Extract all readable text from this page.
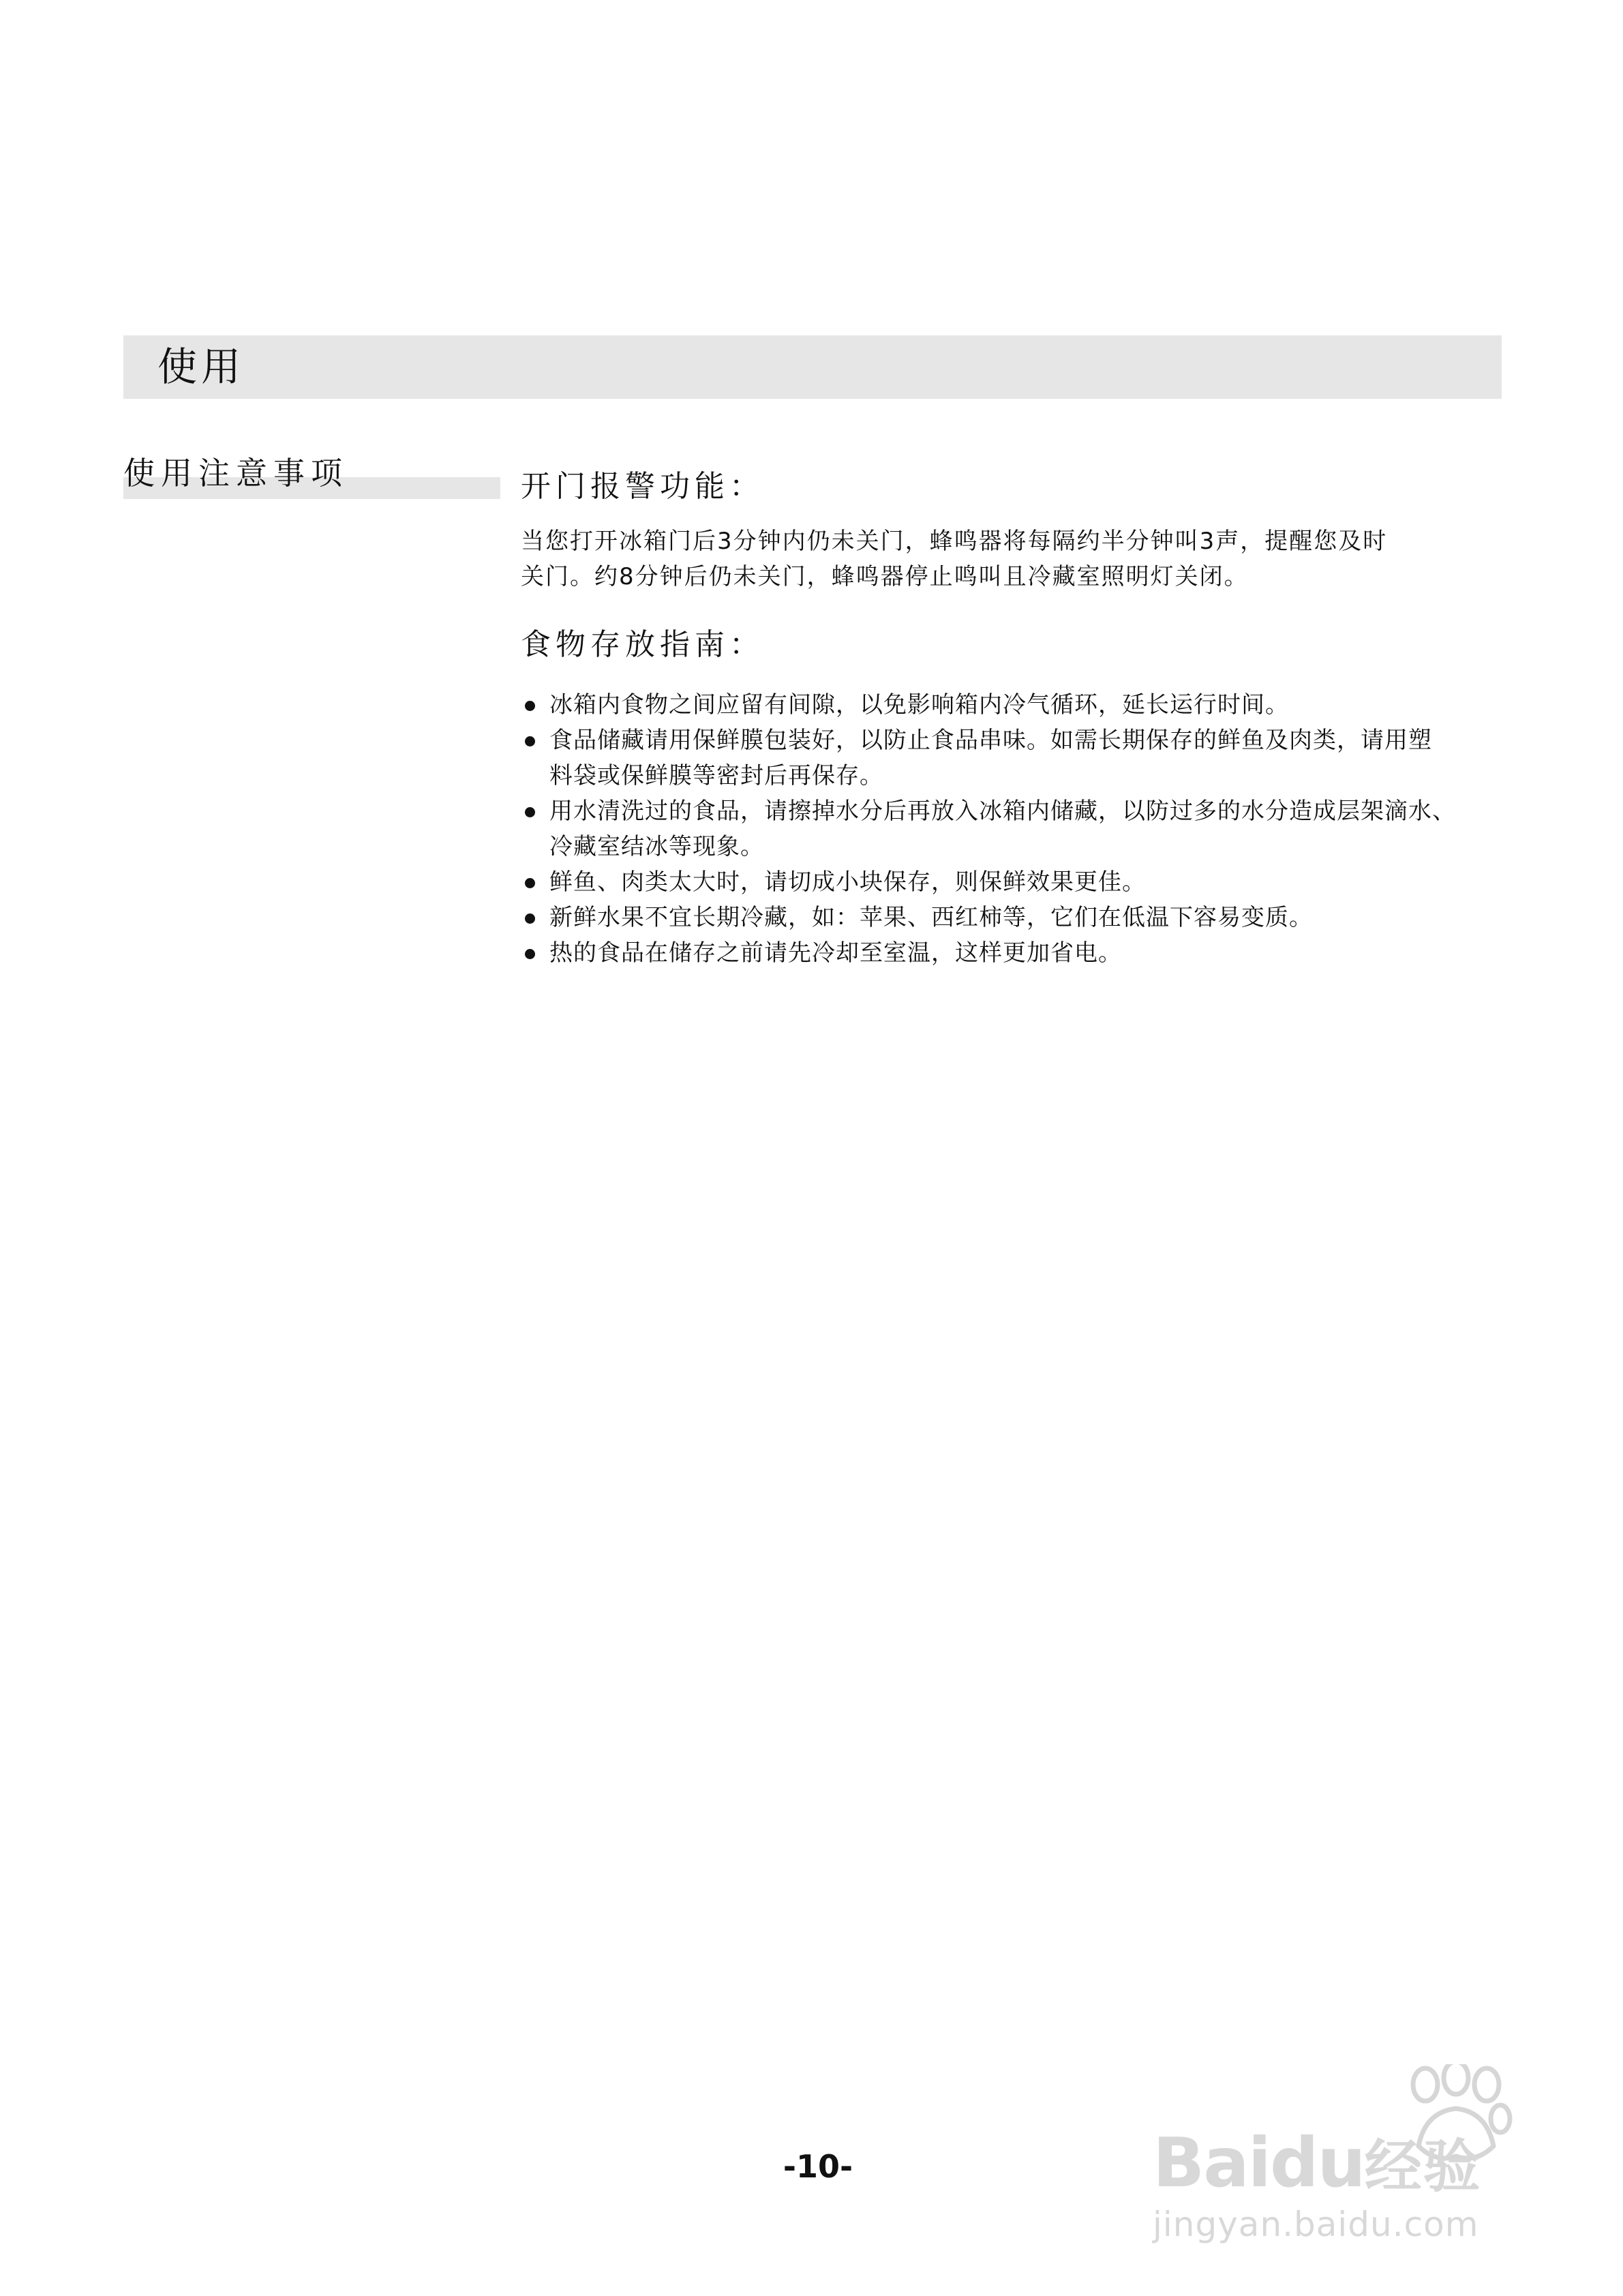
使用
使用注意事项	开门报警功能：

当您打开冰箱门后3分钟内仍未关门，蜂鸣器将每隔约半分钟叫3声，提醒您及时

关门。约8分钟后仍未关门，蜂鸣器停止鸣叫且冷藏室照明灯关闭。

食物存放指南：
冰箱内食物之间应留有间隙，以免影响箱内冷气循环，延长运行时间。
食品储藏请用保鲜膜包装好，以防止食品串味。如需长期保存的鲜鱼及肉类，请用塑
料袋或保鲜膜等密封后再保存。
用水清洗过的食品，请擦掉水分后再放入冰箱内储藏，以防过多的水分造成层架滴水、
冷藏室结冰等现象。
鲜鱼、肉类太大时，请切成小块保存，则保鲜效果更佳。
新鲜水果不宜长期冷藏，如：苹果、西红柿等，它们在低温下容易变质。
热的食品在储存之前请先冷却至室温，这样更加省电。
-10-	Baidu经验
jingyan.baidu.com
